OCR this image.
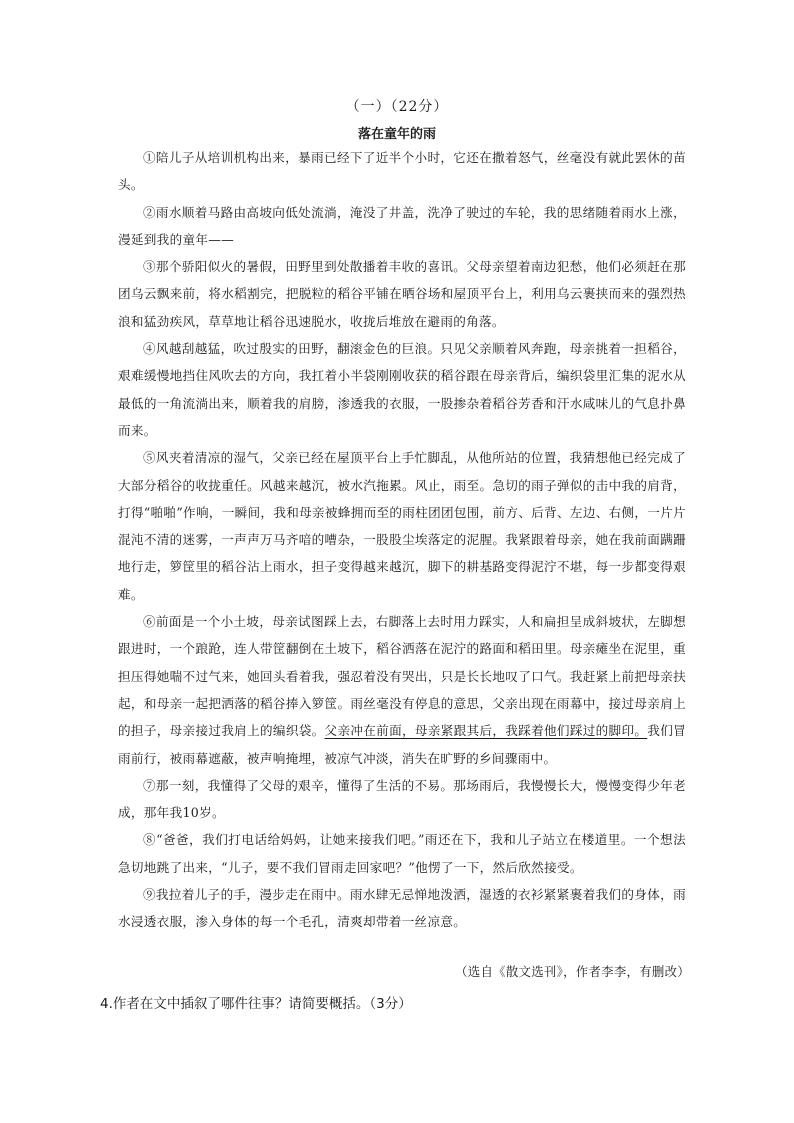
（一）（22分）
落在童年的雨

①陪儿子从培训机构出来，暴雨已经下了近半个小时，它还在撒着怒气，丝毫没有就此罢休的苗头。

②雨水顺着马路由高坡向低处流淌，淹没了井盖，洗净了驶过的车轮，我的思绪随着雨水上涨，漫延到我的童年——

③那个骄阳似火的暑假，田野里到处散播着丰收的喜讯。父母亲望着南边犯愁，他们必须赶在那团乌云飘来前，将水稻割完，把脱粒的稻谷平铺在晒谷场和屋顶平台上，利用乌云裹挟而来的强烈热浪和猛劲疾风，草草地让稻谷迅速脱水，收拢后堆放在避雨的角落。

④风越刮越猛，吹过殷实的田野，翻滚金色的巨浪。只见父亲顺着风奔跑，母亲挑着一担稻谷，艰难缓慢地挡住风吹去的方向，我扛着小半袋刚刚收获的稻谷跟在母亲背后，编织袋里汇集的泥水从最低的一角流淌出来，顺着我的肩膀，渗透我的衣服，一股掺杂着稻谷芳香和汗水咸味儿的气息扑鼻而来。

⑤风夹着清凉的湿气，父亲已经在屋顶平台上手忙脚乱，从他所站的位置，我猜想他已经完成了大部分稻谷的收拢重任。风越来越沉，被水汽拖累。风止，雨至。急切的雨子弹似的击中我的肩背，打得“啪啪”作响，一瞬间，我和母亲被蜂拥而至的雨柱团团包围，前方、后背、左边、右侧，一片片混沌不清的迷雾，一声声万马齐喑的嘈杂，一股股尘埃落定的泥腥。我紧跟着母亲，她在我前面蹒跚地行走，箩筐里的稻谷沾上雨水，担子变得越来越沉，脚下的耕基路变得泥泞不堪，每一步都变得艰难。

⑥前面是一个小土坡，母亲试图踩上去，右脚落上去时用力踩实，人和扁担呈成斜坡状，左脚想跟进时，一个踉跄，连人带筐翻倒在土坡下，稻谷洒落在泥泞的路面和稻田里。母亲瘫坐在泥里，重担压得她喘不过气来，她回头看着我，强忍着没有哭出，只是长长地叹了口气。我赶紧上前把母亲扶起，和母亲一起把洒落的稻谷捧入箩筐。雨丝毫没有停息的意思，父亲出现在雨幕中，接过母亲肩上的担子，母亲接过我肩上的编织袋。父亲冲在前面，母亲紧跟其后，我踩着他们踩过的脚印。我们冒雨前行，被雨幕遮蔽，被声响掩埋，被凉气冲淡，消失在旷野的乡间骤雨中。

⑦那一刻，我懂得了父母的艰辛，懂得了生活的不易。那场雨后，我慢慢长大，慢慢变得少年老成，那年我10岁。

⑧“爸爸，我们打电话给妈妈，让她来接我们吧。”雨还在下，我和儿子站立在楼道里。一个想法急切地跳了出来，“儿子，要不我们冒雨走回家吧？”他愣了一下，然后欣然接受。

⑨我拉着儿子的手，漫步走在雨中。雨水肆无忌惮地泼洒，湿透的衣衫紧紧裹着我们的身体，雨水浸透衣服，渗入身体的每一个毛孔，清爽却带着一丝凉意。

（选自《散文选刊》，作者李李，有删改）
4.作者在文中插叙了哪件往事？请简要概括。（3分）
